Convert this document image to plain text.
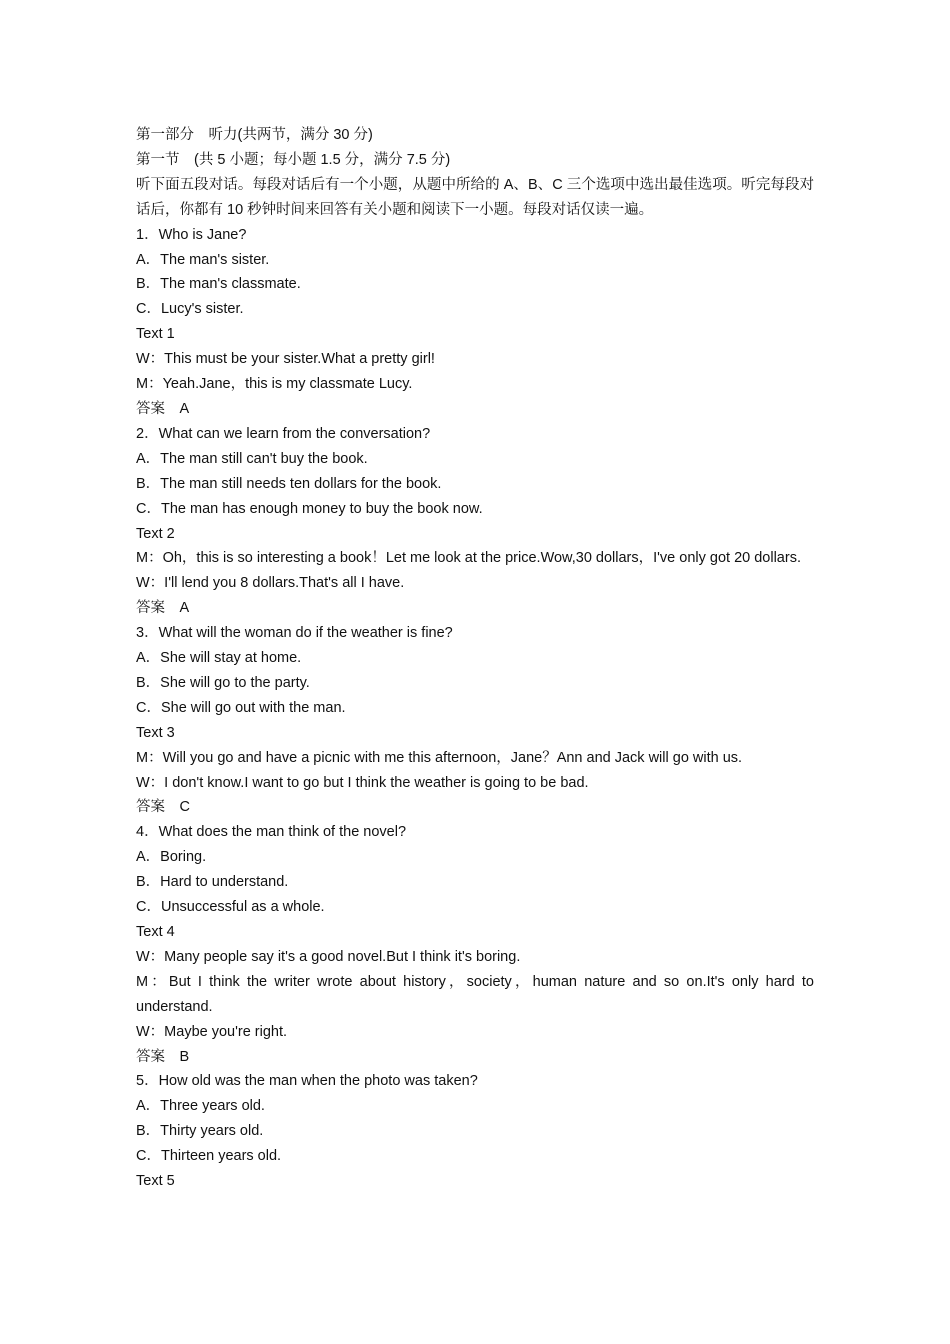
第一部分　听力(共两节，满分 30 分)
第一节　(共 5 小题；每小题 1.5 分，满分 7.5 分)
听下面五段对话。每段对话后有一个小题，从题中所给的 A、B、C 三个选项中选出最佳选项。听完每段对话后，你都有 10 秒钟时间来回答有关小题和阅读下一小题。每段对话仅读一遍。
1．Who is Jane?
A．The man's sister.
B．The man's classmate.
C．Lucy's sister.
Text 1
W：This must be your sister.What a pretty girl!
M：Yeah.Jane，this is my classmate Lucy.
答案　A
2．What can we learn from the conversation?
A．The man still can't buy the book.
B．The man still needs ten dollars for the book.
C．The man has enough money to buy the book now.
Text 2
M：Oh，this is so interesting a book！Let me look at the price.Wow,30 dollars，I've only got 20 dollars.
W：I'll lend you 8 dollars.That's all I have.
答案　A
3．What will the woman do if the weather is fine?
A．She will stay at home.
B．She will go to the party.
C．She will go out with the man.
Text 3
M：Will you go and have a picnic with me this afternoon，Jane？Ann and Jack will go with us.
W：I don't know.I want to go but I think the weather is going to be bad.
答案　C
4．What does the man think of the novel?
A．Boring.
B．Hard to understand.
C．Unsuccessful as a whole.
Text 4
W：Many people say it's a good novel.But I think it's boring.
M：But I think the writer wrote about history，society，human nature and so on.It's only hard to understand.
W：Maybe you're right.
答案　B
5．How old was the man when the photo was taken?
A．Three years old.
B．Thirty years old.
C．Thirteen years old.
Text 5
